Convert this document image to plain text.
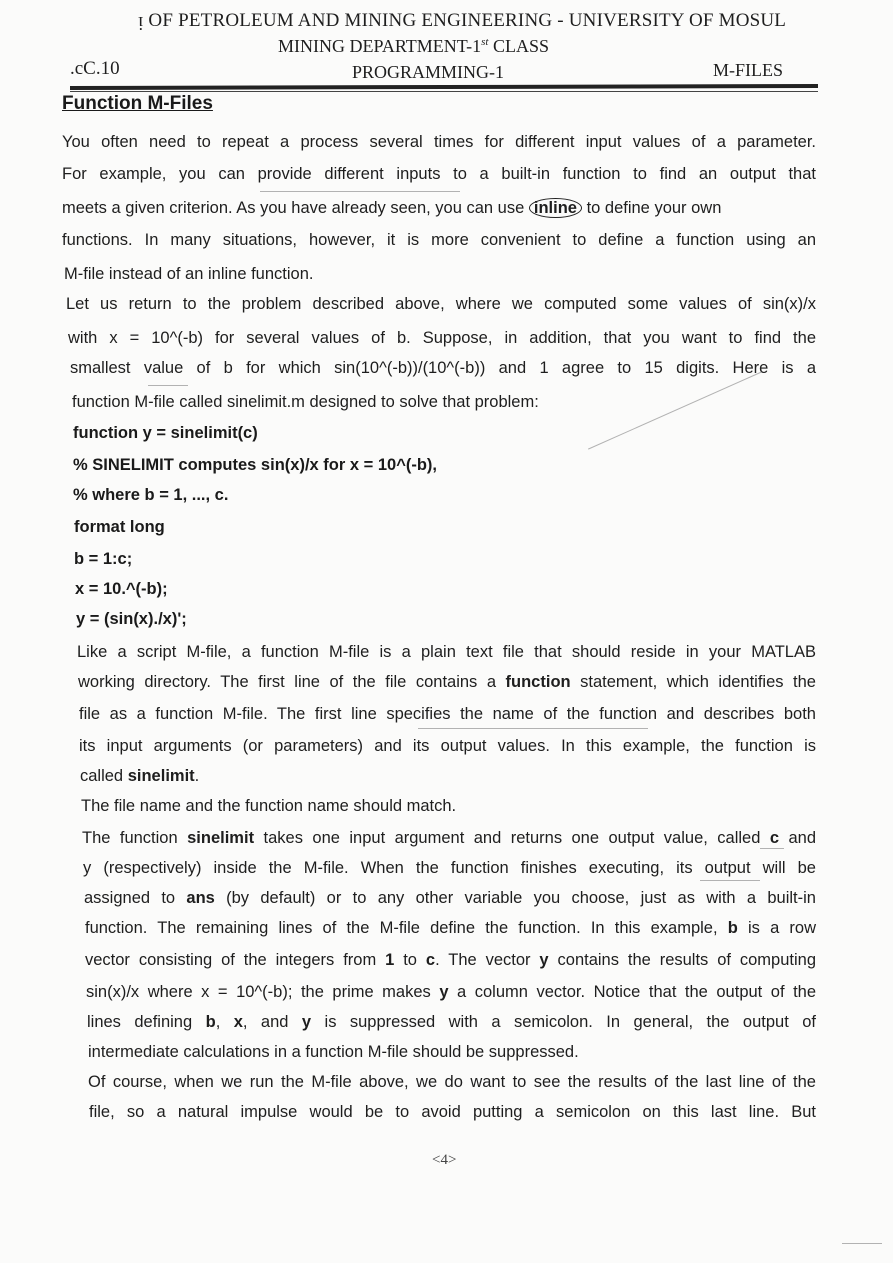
ᴉ OF PETROLEUM AND MINING ENGINEERING - UNIVERSITY OF MOSUL
MINING DEPARTMENT-1st CLASS
.cC.10	PROGRAMMING-1	M-FILES
Function M-Files
You often need to repeat a process several times for different input values of a parameter.
For example, you can provide different inputs to a built-in function to find an output that
meets a given criterion. As you have already seen, you can use inline to define your own
functions. In many situations, however, it is more convenient to define a function using an
M-file instead of an inline function.
Let us return to the problem described above, where we computed some values of sin(x)/x
with x = 10^(-b) for several values of b. Suppose, in addition, that you want to find the
smallest value of b for which sin(10^(-b))/(10^(-b)) and 1 agree to 15 digits. Here is a
function M-file called sinelimit.m designed to solve that problem:
function y = sinelimit(c)
% SINELIMIT computes sin(x)/x for x = 10^(-b),
% where b = 1, ..., c.
format long
b = 1:c;
x = 10.^(-b);
y = (sin(x)./x)';
Like a script M-file, a function M-file is a plain text file that should reside in your MATLAB
working directory. The first line of the file contains a function statement, which identifies the
file as a function M-file. The first line specifies the name of the function and describes both
its input arguments (or parameters) and its output values. In this example, the function is
called sinelimit.
The file name and the function name should match.
The function sinelimit takes one input argument and returns one output value, called c and
y (respectively) inside the M-file. When the function finishes executing, its output will be
assigned to ans (by default) or to any other variable you choose, just as with a built-in
function. The remaining lines of the M-file define the function. In this example, b is a row
vector consisting of the integers from 1 to c. The vector y contains the results of computing
sin(x)/x where x = 10^(-b); the prime makes y a column vector. Notice that the output of the
lines defining b, x, and y is suppressed with a semicolon. In general, the output of
intermediate calculations in a function M-file should be suppressed.
Of course, when we run the M-file above, we do want to see the results of the last line of the
file, so a natural impulse would be to avoid putting a semicolon on this last line. But
<4>
